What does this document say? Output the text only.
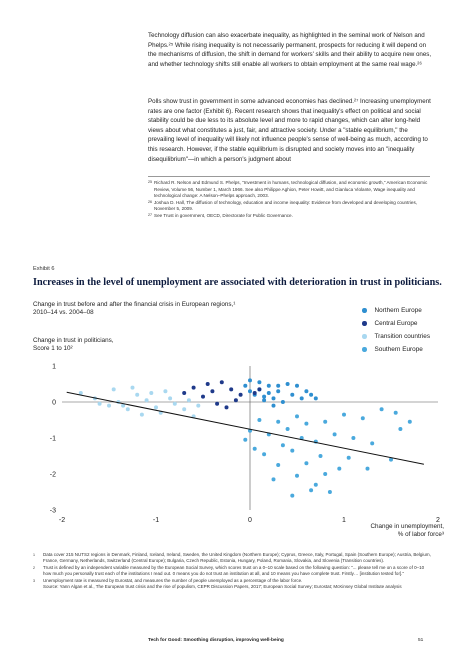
Technology diffusion can also exacerbate inequality, as highlighted in the seminal work of Nelson and Phelps.²⁵ While rising inequality is not necessarily permanent, prospects for reducing it will depend on the mechanisms of diffusion, the shift in demand for workers' skills and their ability to acquire new ones, and whether technology shifts still enable all workers to obtain employment at the same real wage.²⁶

Polls show trust in government in some advanced economies has declined.²⁷ Increasing unemployment rates are one factor (Exhibit 6). Recent research shows that inequality's effect on political and social stability could be due less to its absolute level and more to rapid changes, which can alter long-held views about what constitutes a just, fair, and attractive society. Under a "stable equilibrium," the prevailing level of inequality will likely not influence people's sense of well-being as much, according to this research. However, if the stable equilibrium is disrupted and society moves into an "inequality disequilibrium"—in which a person's judgment about

25 Richard R. Nelson and Edmund S. Phelps, "Investment in humans, technological diffusion, and economic growth," American Economic Review, Volume 56, Number 1, March 1966. See also Philippe Aghion, Peter Howitt, and Gianluca Violante, Wage inequality and technological change: A Nelson–Phelps approach, 2003.
26 Joshua D. Hall, The diffusion of technology, education and income inequality: Evidence from developed and developing countries, November 5, 2009.
27 See Trust in government, OECD, Directorate for Public Governance.
Exhibit 6
Increases in the level of unemployment are associated with deterioration in trust in politicians.
Change in trust before and after the financial crisis in European regions,¹
2010–14 vs. 2004–08
Change in trust in politicians,
Score 1 to 10²
Northern Europe
Central Europe
Transition countries
Southern Europe
-2	-1	0	1	2
1
0
-1
-2
-3
Change in unemployment,
% of labor force³
1	Data cover 215 NUTS2 regions in Denmark, Finland, Iceland, Ireland, Sweden, the United Kingdom (Northern Europe); Cyprus, Greece, Italy, Portugal, Spain (Southern Europe); Austria, Belgium, France, Germany, Netherlands, Switzerland (Central Europe); Bulgaria, Czech Republic, Estonia, Hungary, Poland, Romania, Slovakia, and Slovenia (Transition countries).
2	Trust is defined by an independent variable measured by the European Social Survey, which scores trust on a 0–10 scale based on the following question: "... please tell me on a score of 0–10 how much you personally trust each of the institutions I read out. 0 means you do not trust an institution at all, and 10 means you have complete trust. Firstly… [institution tested for]."
3	Unemployment rate is measured by Eurostat, and measures the number of people unemployed as a percentage of the labor force.
Source: Yann Algan et al., The European trust crisis and the rise of populism, CEPR Discussion Papers, 2017; European Social Survey; Eurostat; McKinsey Global Institute analysis
Tech for Good: Smoothing disruption, improving well-being	51
